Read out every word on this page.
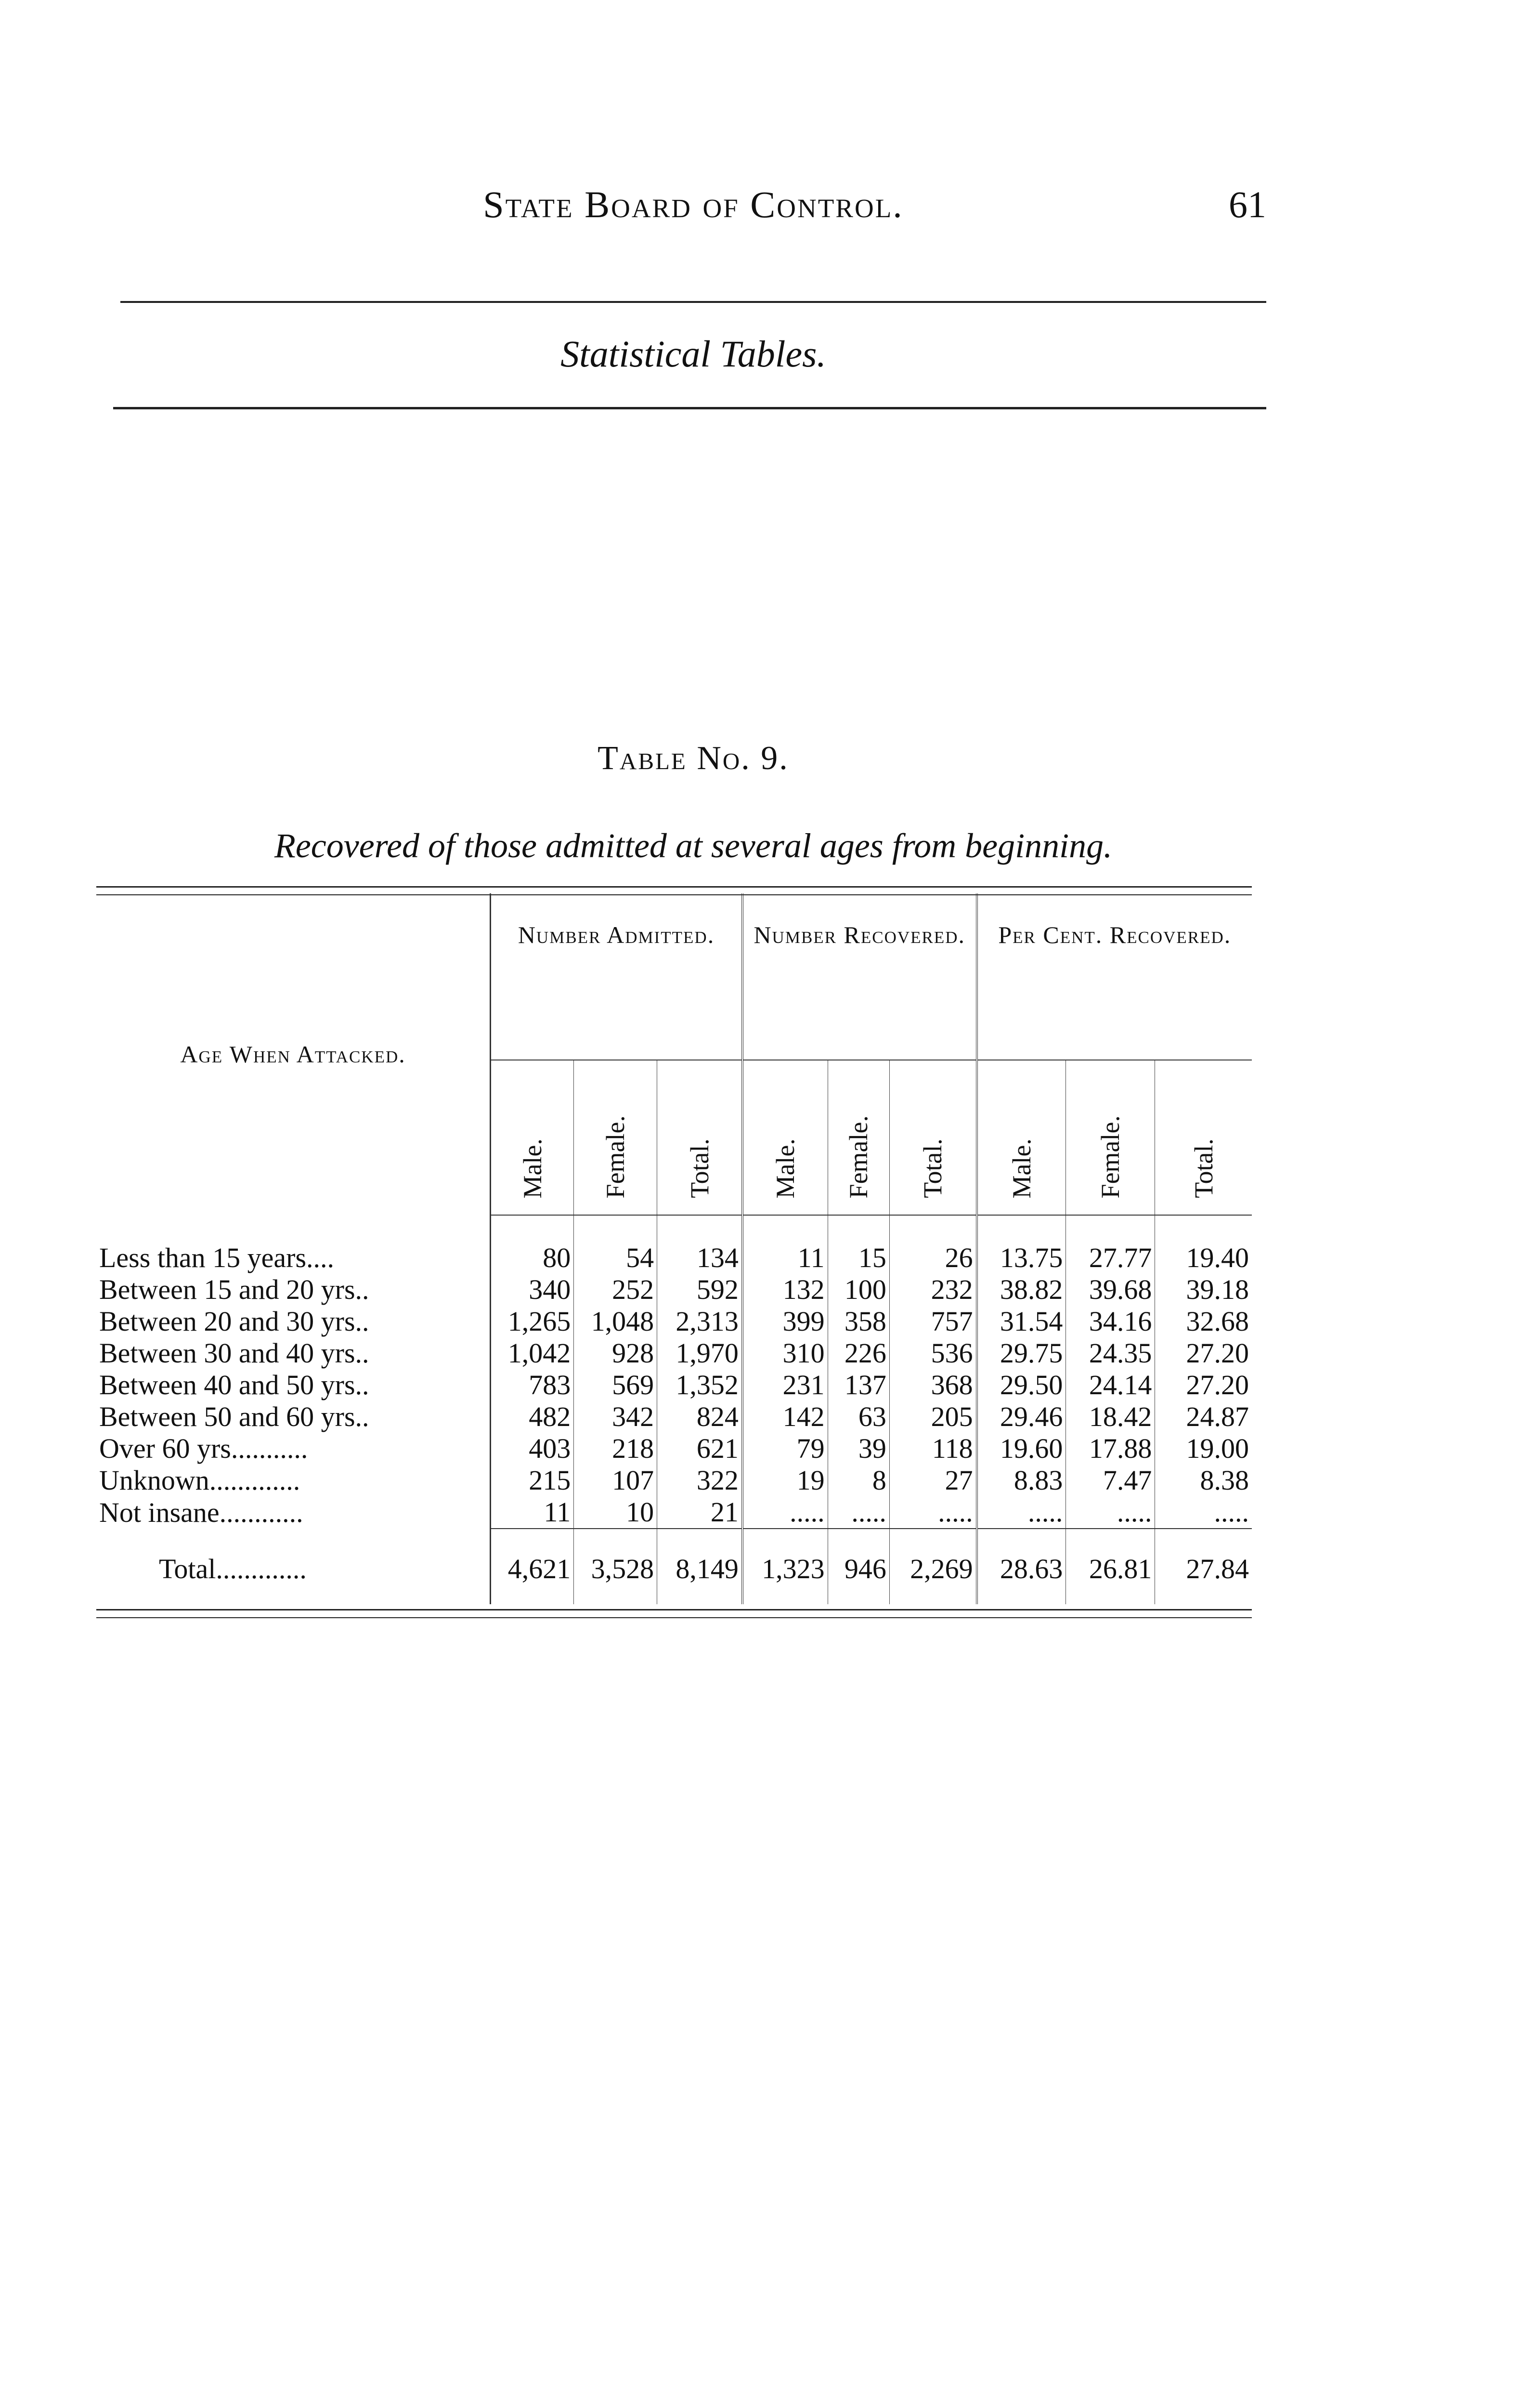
State Board of Control.	61
Statistical Tables.
Table No. 9.
Recovered of those admitted at several ages from beginning.
Age When Attacked.	Number Admitted.			Number Recovered.			Per Cent. Recovered.		
	Male.	Female.	Total.	Male.	Female.	Total.	Male.	Female.	Total.
Less than 15 years....	80	54	134	11	15	26	13.75	27.77	19.40
Between 15 and 20 yrs..	340	252	592	132	100	232	38.82	39.68	39.18
Between 20 and 30 yrs..	1,265	1,048	2,313	399	358	757	31.54	34.16	32.68
Between 30 and 40 yrs..	1,042	928	1,970	310	226	536	29.75	24.35	27.20
Between 40 and 50 yrs..	783	569	1,352	231	137	368	29.50	24.14	27.20
Between 50 and 60 yrs..	482	342	824	142	63	205	29.46	18.42	24.87
Over 60 yrs...........	403	218	621	79	39	118	19.60	17.88	19.00
Unknown.............	215	107	322	19	8	27	8.83	7.47	8.38
Not insane............	11	10	21	.....	.....	.....	.....	.....	.....
Total.............	4,621	3,528	8,149	1,323	946	2,269	28.63	26.81	27.84
